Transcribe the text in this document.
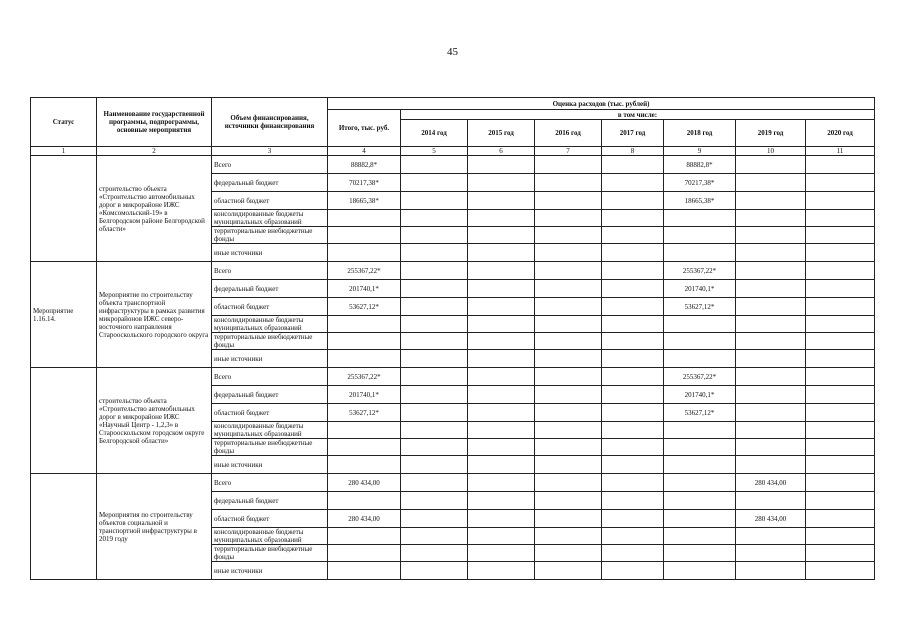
45
Статус	Наименование государственной программы, подпрограммы, основные мероприятия	Объем финансирования, источники финансирования	Оценка расходов (тыс. рублей)							
			Итого, тыс. руб.	в том числе:						
				2014 год	2015 год	2016 год	2017 год	2018 год	2019 год	2020 год
1	2	3	4	5	6	7	8	9	10	11
	строительство объекта «Строительство автомобильных дорог в микрорайоне ИЖС «Комсомольский-19» в Белгородском районе Белгородской области»	Всего	88882,8*					88882,8*		
		федеральный бюджет	70217,38*					70217,38*		
		областной бюджет	18665,38*					18665,38*		
		консолидированные бюджеты муниципальных образований								
		территориальные внебюджетные фонды								
		иные источники								
Мероприятие 1.16.14.	Мероприятие по строительству объекта транспортной инфраструктуры в рамках развития микрорайонов ИЖС северо-восточного направления Старооскольского городского округа	Всего	255367,22*					255367,22*		
		федеральный бюджет	201740,1*					201740,1*		
		областной бюджет	53627,12*					53627,12*		
		консолидированные бюджеты муниципальных образований								
		территориальные внебюджетные фонды								
		иные источники								
	строительство объекта «Строительство автомобильных дорог в микрорайоне ИЖС «Научный Центр - 1,2,3» в Старооскольском городском округе Белгородской области»	Всего	255367,22*					255367,22*		
		федеральный бюджет	201740,1*					201740,1*		
		областной бюджет	53627,12*					53627,12*		
		консолидированные бюджеты муниципальных образований								
		территориальные внебюджетные фонды								
		иные источники								
	Мероприятия по строительству объектов социальной и транспортной инфраструктуры в 2019 году	Всего	280 434,00						280 434,00	
		федеральный бюджет								
		областной бюджет	280 434,00						280 434,00	
		консолидированные бюджеты муниципальных образований								
		территориальные внебюджетные фонды								
		иные источники								
